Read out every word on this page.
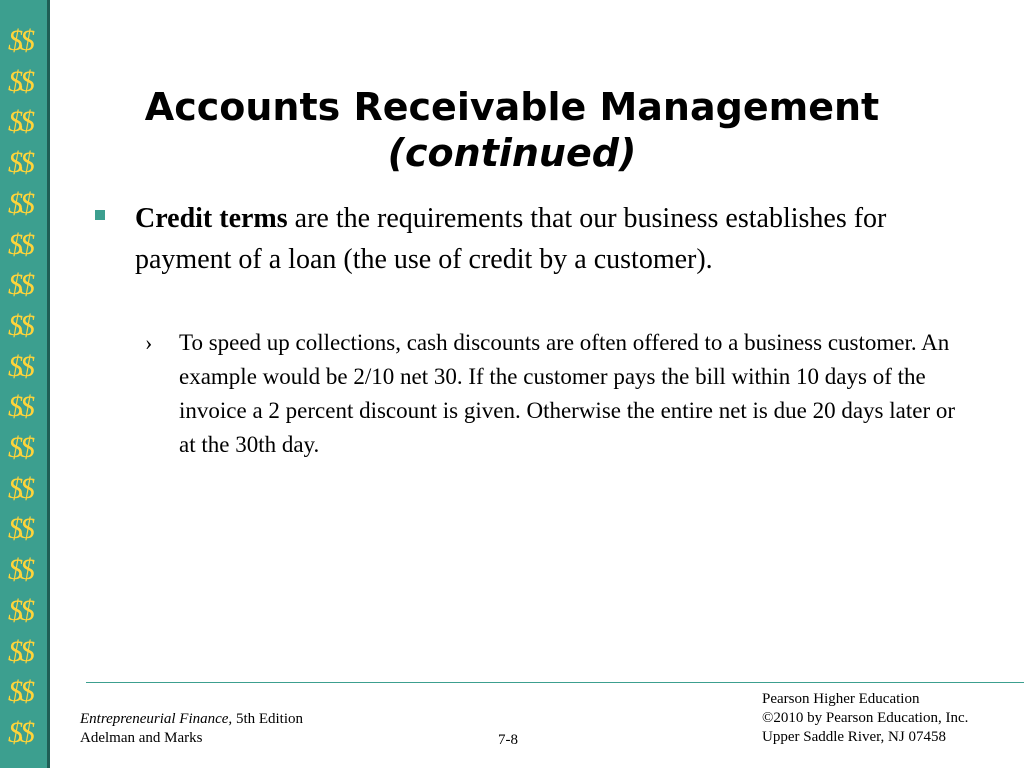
$$
$$
$$
$$
$$
$$
$$
$$
$$
$$
$$
$$
$$
$$
$$
$$
$$
$$
Accounts Receivable Management
(continued)
Credit terms are the requirements that our business establishes for payment of a loan (the use of credit by a customer).
› To speed up collections, cash discounts are often offered to a business customer. An example would be 2/10 net 30. If the customer pays the bill within 10 days of the invoice a 2 percent discount is given. Otherwise the entire net is due 20 days later or at the 30th day.
Entrepreneurial Finance, 5th Edition
Adelman and Marks	7-8
Pearson Higher Education
©2010 by Pearson Education, Inc.
Upper Saddle River, NJ 07458
